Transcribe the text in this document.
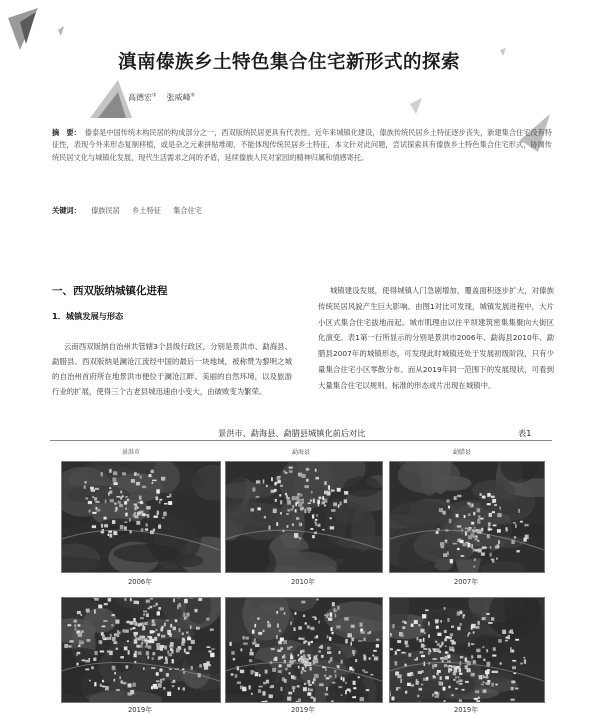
滇南傣族乡土特色集合住宅新形式的探索
高德宏① 张威峰②
摘　要： 傣泰是中国传统木构民居的构成部分之一，西双版纳民居更具有代表性。近年来城镇化建设，傣族传统民居乡土特征逐步丧失，新建集合住宅没有特征性，表现今外来形态复制移植，或是杂之元素拼贴堆砌，不能体现传统民居乡土特征，本文针对此问题，尝试探索具有傣族乡土特色集合住宅形式，协调传统民居文化与城镇化发展，现代生活需求之间的矛盾，延续傣族人民对家园的精神归属和情感寄托。
关键词： 傣族民居 乡土特征 集合住宅
一、西双版纳城镇化进程
1．城镇发展与形态
云南西双版纳自治州共管辖3个县级行政区，分别是景洪市、勐海县、勐腊县。西双版纳是澜沧江流经中国的最后一块地域，被称赞为黎明之城的自治州首府所在地景洪市便位于澜沧江畔。美丽的自然环境，以及旅游行业的扩展，使得三个古老县城迅速由小变大，由破败变为繁荣。
城镇建设发展，使得城镇人门急剧增加，覆盖面积逐步扩大，对傣族传统民居风貌产生巨大影响。由图1对比可发现，城镇发展进程中，大片小区式集合住宅拔地而起。城市肌理由以往平坝建筑密集集聚向大街区化演变。表1第一行所显示的分别是景洪市2006年、勐海县2010年、勐腊县2007年的城镇形态，可发现此时城镇还处于发展初级阶段，只有少量集合住宅小区零散分布。而从2019年同一范围下的发展现状，可看到大量集合住宅以规则、标准的形态成片出现在城镇中。
景洪市、勐海县、勐腊县城镇化前后对比	表1
景洪市	勐海县	勐腊县
2006年	2010年	2007年
2019年	2019年	2019年
